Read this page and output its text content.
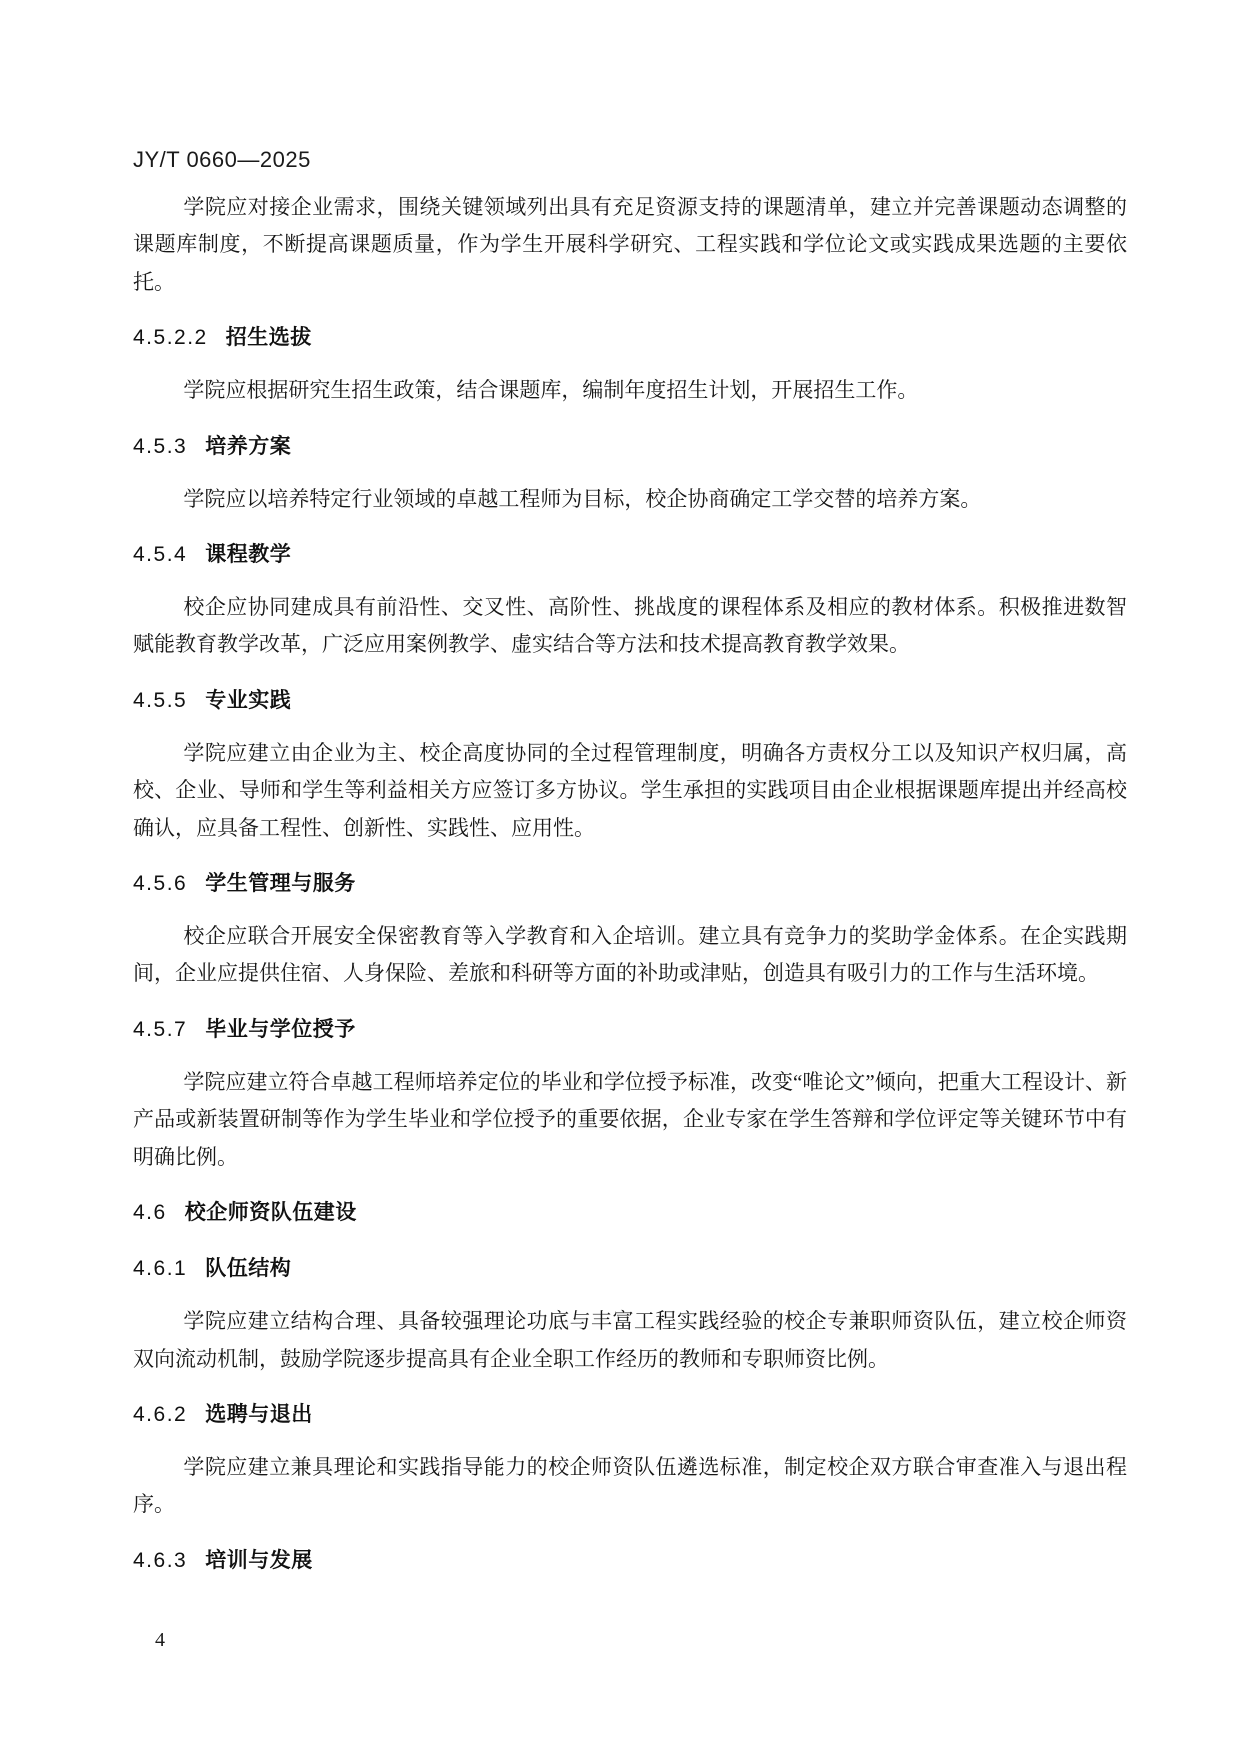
JY/T 0660—2025

学院应对接企业需求，围绕关键领域列出具有充足资源支持的课题清单，建立并完善课题动态调整的课题库制度，不断提高课题质量，作为学生开展科学研究、工程实践和学位论文或实践成果选题的主要依托。

4.5.2.2 招生选拔

学院应根据研究生招生政策，结合课题库，编制年度招生计划，开展招生工作。

4.5.3 培养方案

学院应以培养特定行业领域的卓越工程师为目标，校企协商确定工学交替的培养方案。

4.5.4 课程教学

校企应协同建成具有前沿性、交叉性、高阶性、挑战度的课程体系及相应的教材体系。积极推进数智赋能教育教学改革，广泛应用案例教学、虚实结合等方法和技术提高教育教学效果。

4.5.5 专业实践

学院应建立由企业为主、校企高度协同的全过程管理制度，明确各方责权分工以及知识产权归属，高校、企业、导师和学生等利益相关方应签订多方协议。学生承担的实践项目由企业根据课题库提出并经高校确认，应具备工程性、创新性、实践性、应用性。

4.5.6 学生管理与服务

校企应联合开展安全保密教育等入学教育和入企培训。建立具有竞争力的奖助学金体系。在企实践期间，企业应提供住宿、人身保险、差旅和科研等方面的补助或津贴，创造具有吸引力的工作与生活环境。

4.5.7 毕业与学位授予

学院应建立符合卓越工程师培养定位的毕业和学位授予标准，改变“唯论文”倾向，把重大工程设计、新产品或新装置研制等作为学生毕业和学位授予的重要依据，企业专家在学生答辩和学位评定等关键环节中有明确比例。

4.6 校企师资队伍建设
4.6.1 队伍结构

学院应建立结构合理、具备较强理论功底与丰富工程实践经验的校企专兼职师资队伍，建立校企师资双向流动机制，鼓励学院逐步提高具有企业全职工作经历的教师和专职师资比例。

4.6.2 选聘与退出

学院应建立兼具理论和实践指导能力的校企师资队伍遴选标准，制定校企双方联合审查准入与退出程序。

4.6.3 培训与发展
4
